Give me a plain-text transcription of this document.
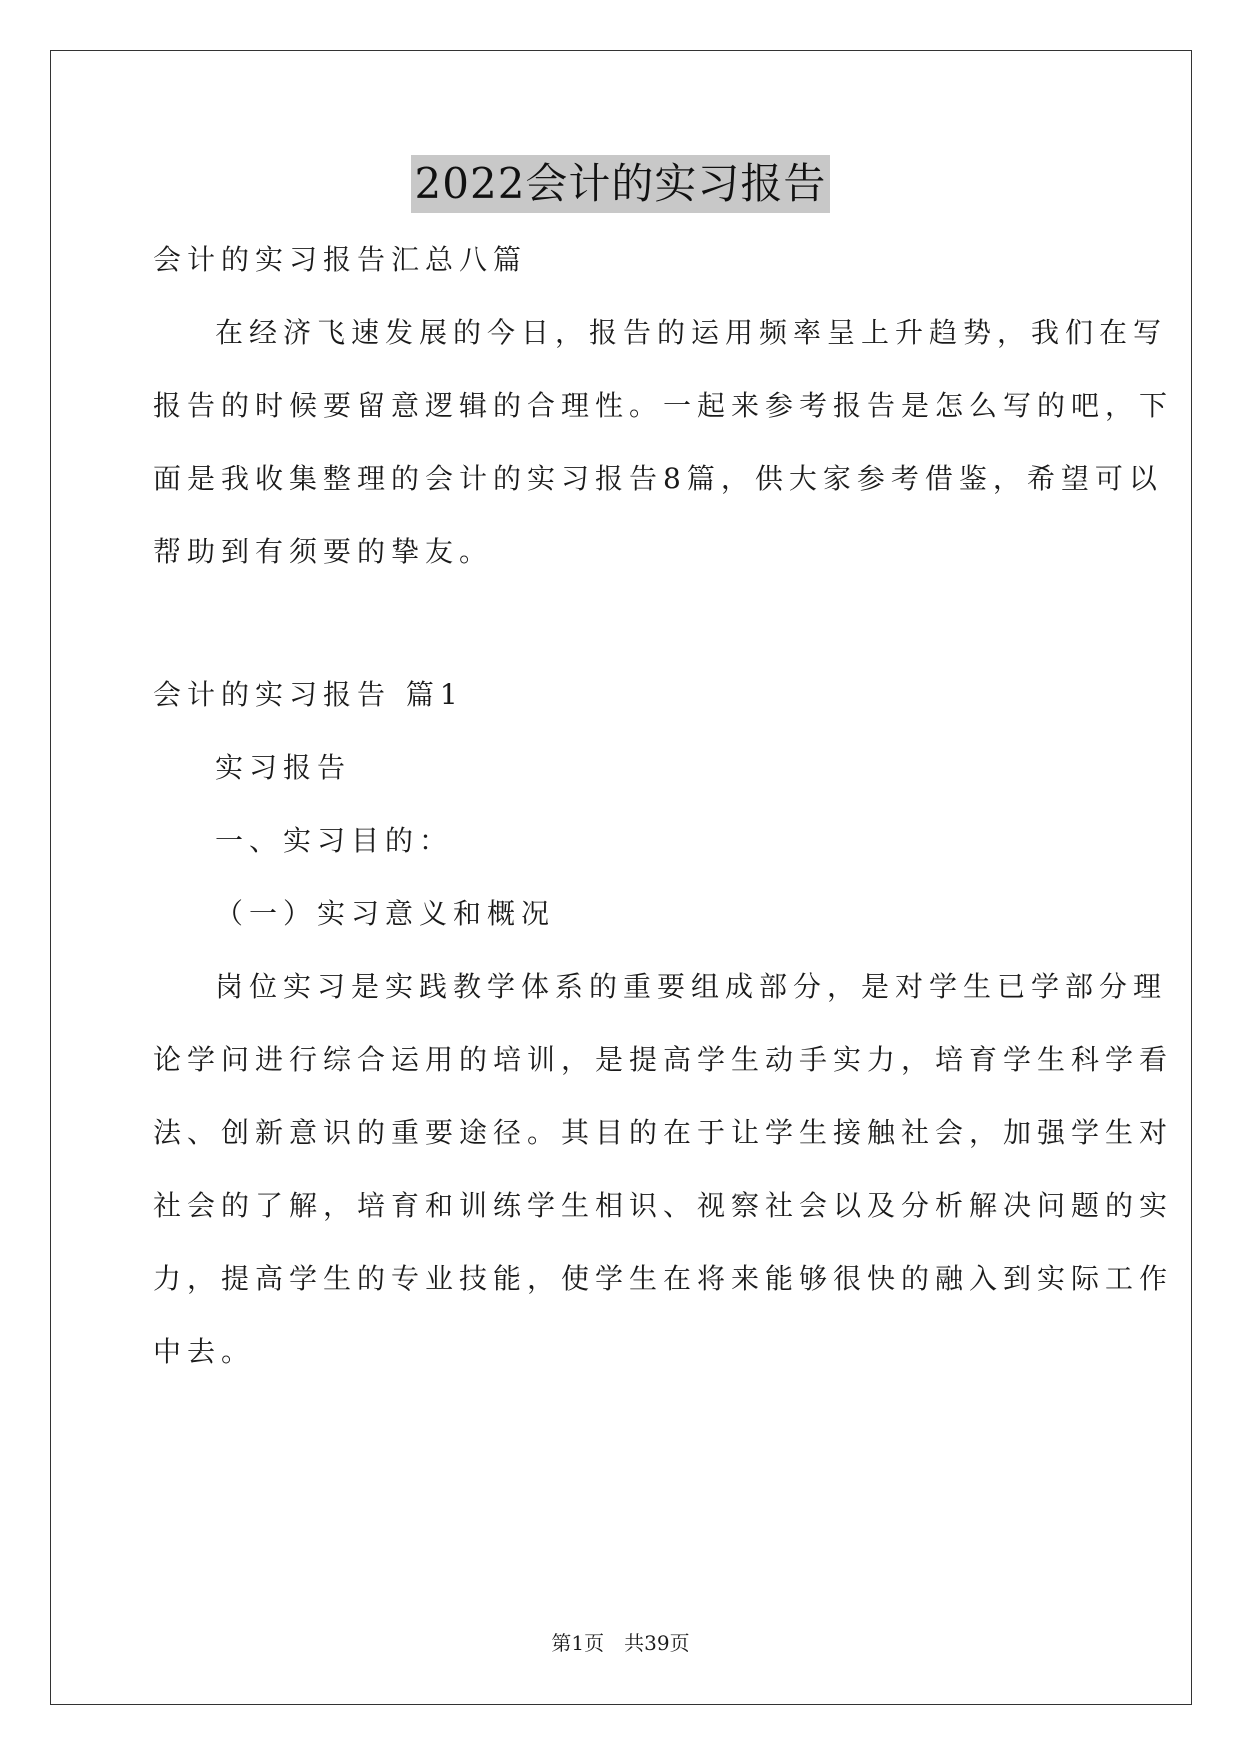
2022会计的实习报告
会计的实习报告汇总八篇
在经济飞速发展的今日，报告的运用频率呈上升趋势，我们在写
报告的时候要留意逻辑的合理性。一起来参考报告是怎么写的吧，下
面是我收集整理的会计的实习报告8篇，供大家参考借鉴，希望可以
帮助到有须要的挚友。
会计的实习报告 篇1
实习报告
一、实习目的：
（一）实习意义和概况
岗位实习是实践教学体系的重要组成部分，是对学生已学部分理
论学问进行综合运用的培训，是提高学生动手实力，培育学生科学看
法、创新意识的重要途径。其目的在于让学生接触社会，加强学生对
社会的了解，培育和训练学生相识、视察社会以及分析解决问题的实
力，提高学生的专业技能，使学生在将来能够很快的融入到实际工作
中去。
第1页 共39页
